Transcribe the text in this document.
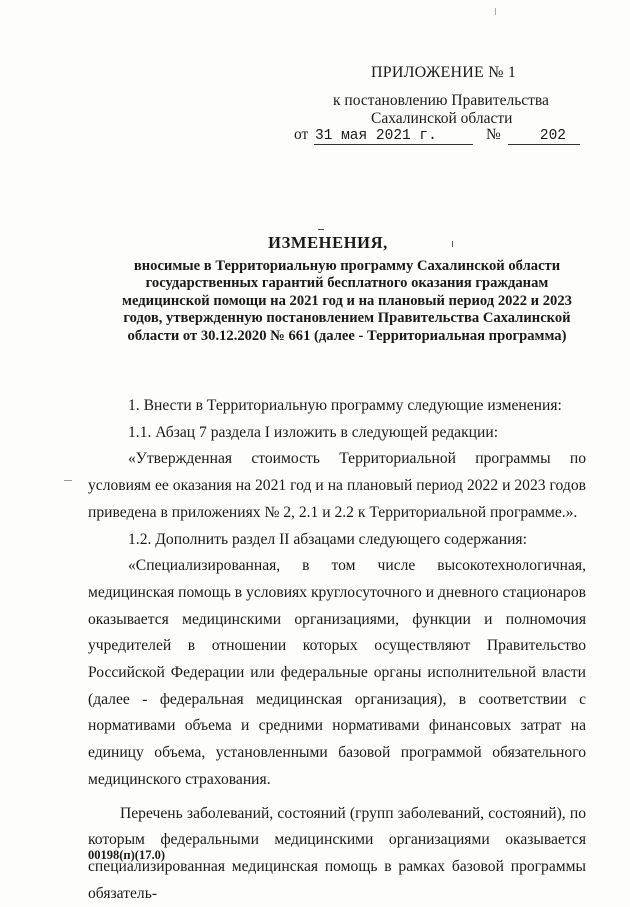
ПРИЛОЖЕНИЕ № 1
к постановлению Правительства
Сахалинской области
от 31 мая 2021 г.	№	202
ИЗМЕНЕНИЯ,
вносимые в Территориальную программу Сахалинской области
государственных гарантий бесплатного оказания гражданам
медицинской помощи на 2021 год и на плановый период 2022 и 2023
годов, утвержденную постановлением Правительства Сахалинской
области от 30.12.2020 № 661 (далее - Территориальная программа)

1. Внести в Территориальную программу следующие изменения:

1.1. Абзац 7 раздела I изложить в следующей редакции:

«Утвержденная стоимость Территориальной программы по условиям ее оказания на 2021 год и на плановый период 2022 и 2023 годов приведена в приложениях № 2, 2.1 и 2.2 к Территориальной программе.».

1.2. Дополнить раздел II абзацами следующего содержания:

«Специализированная, в том числе высокотехнологичная, медицинская помощь в условиях круглосуточного и дневного стационаров оказывается медицинскими организациями, функции и полномочия учредителей в отношении которых осуществляют Правительство Российской Федерации или федеральные органы исполнительной власти (далее - федеральная медицинская организация), в соответствии с нормативами объема и средними нормативами финансовых затрат на единицу объема, установленными базовой программой обязательного медицинского страхования.

Перечень заболеваний, состояний (групп заболеваний, состояний), по которым федеральными медицинскими организациями оказывается специализированная медицинская помощь в рамках базовой программы обязатель-

00198(п)(17.0)
